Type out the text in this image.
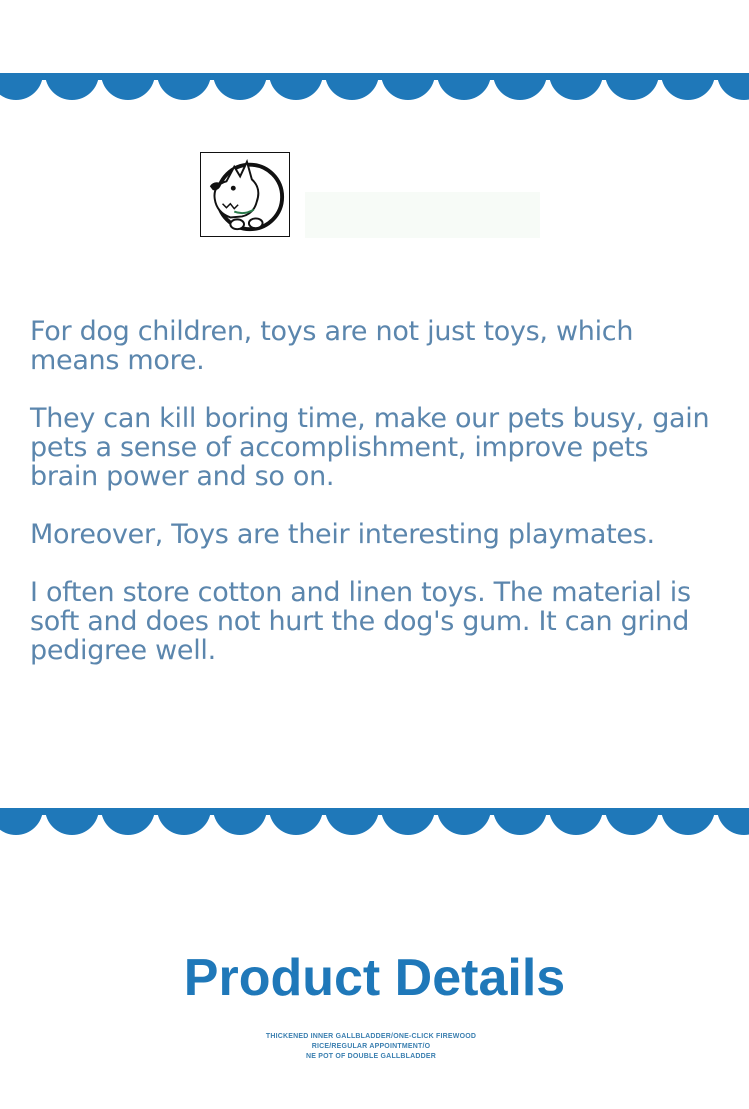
For dog children, toys are not just toys, which means more.

They can kill boring time, make our pets busy, gain pets a sense of accomplishment, improve pets brain power and so on.

Moreover, Toys are their interesting playmates.

I often store cotton and linen toys. The material is soft and does not hurt the dog's gum. It can grind pedigree well.

Product Details
THICKENED INNER GALLBLADDER/ONE-CLICK FIREWOOD
RICE/REGULAR APPOINTMENT/O
NE POT OF DOUBLE GALLBLADDER
